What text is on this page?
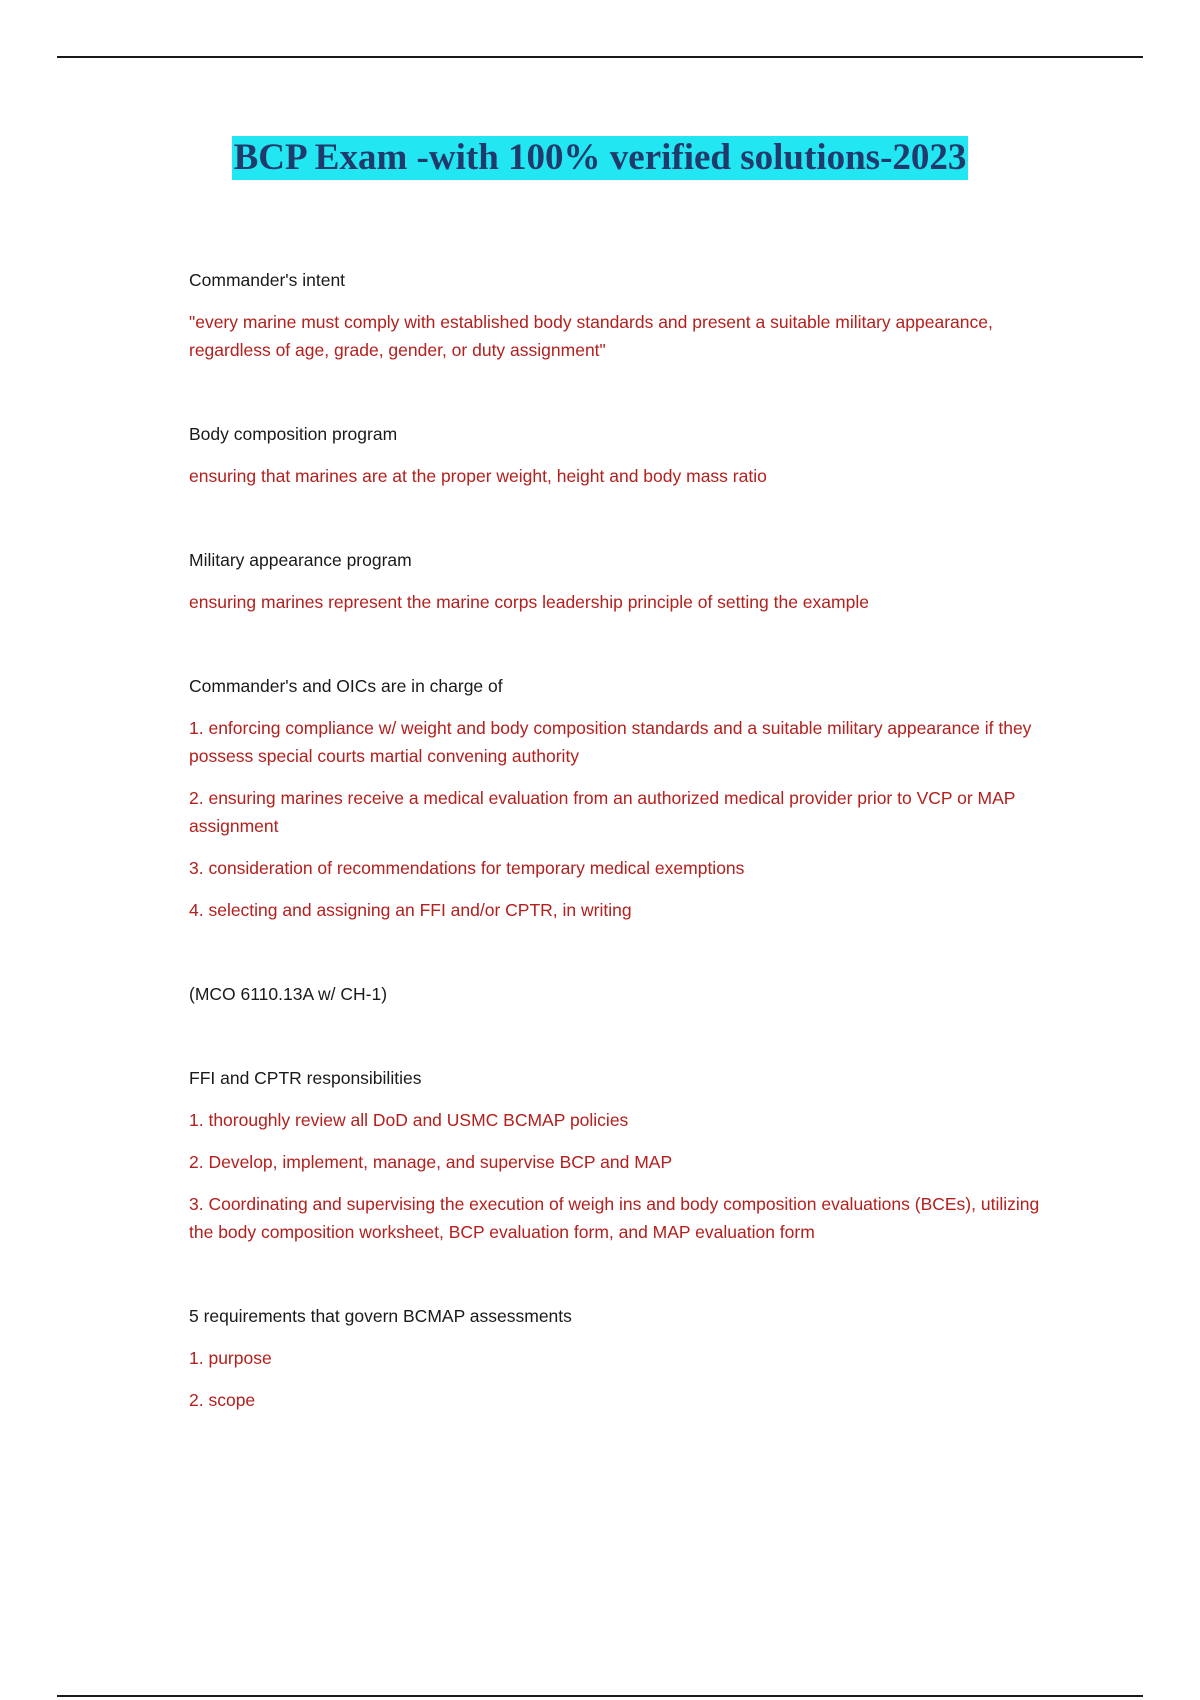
BCP Exam -with 100% verified solutions-2023

Commander's intent

"every marine must comply with established body standards and present a suitable military appearance, regardless of age, grade, gender, or duty assignment"

Body composition program

ensuring that marines are at the proper weight, height and body mass ratio

Military appearance program

ensuring marines represent the marine corps leadership principle of setting the example

Commander's and OICs are in charge of

1. enforcing compliance w/ weight and body composition standards and a suitable military appearance if they possess special courts martial convening authority

2. ensuring marines receive a medical evaluation from an authorized medical provider prior to VCP or MAP assignment

3. consideration of recommendations for temporary medical exemptions

4. selecting and assigning an FFI and/or CPTR, in writing

(MCO 6110.13A w/ CH-1)

FFI and CPTR responsibilities

1. thoroughly review all DoD and USMC BCMAP policies

2. Develop, implement, manage, and supervise BCP and MAP

3. Coordinating and supervising the execution of weigh ins and body composition evaluations (BCEs), utilizing the body composition worksheet, BCP evaluation form, and MAP evaluation form

5 requirements that govern BCMAP assessments

1. purpose

2. scope
